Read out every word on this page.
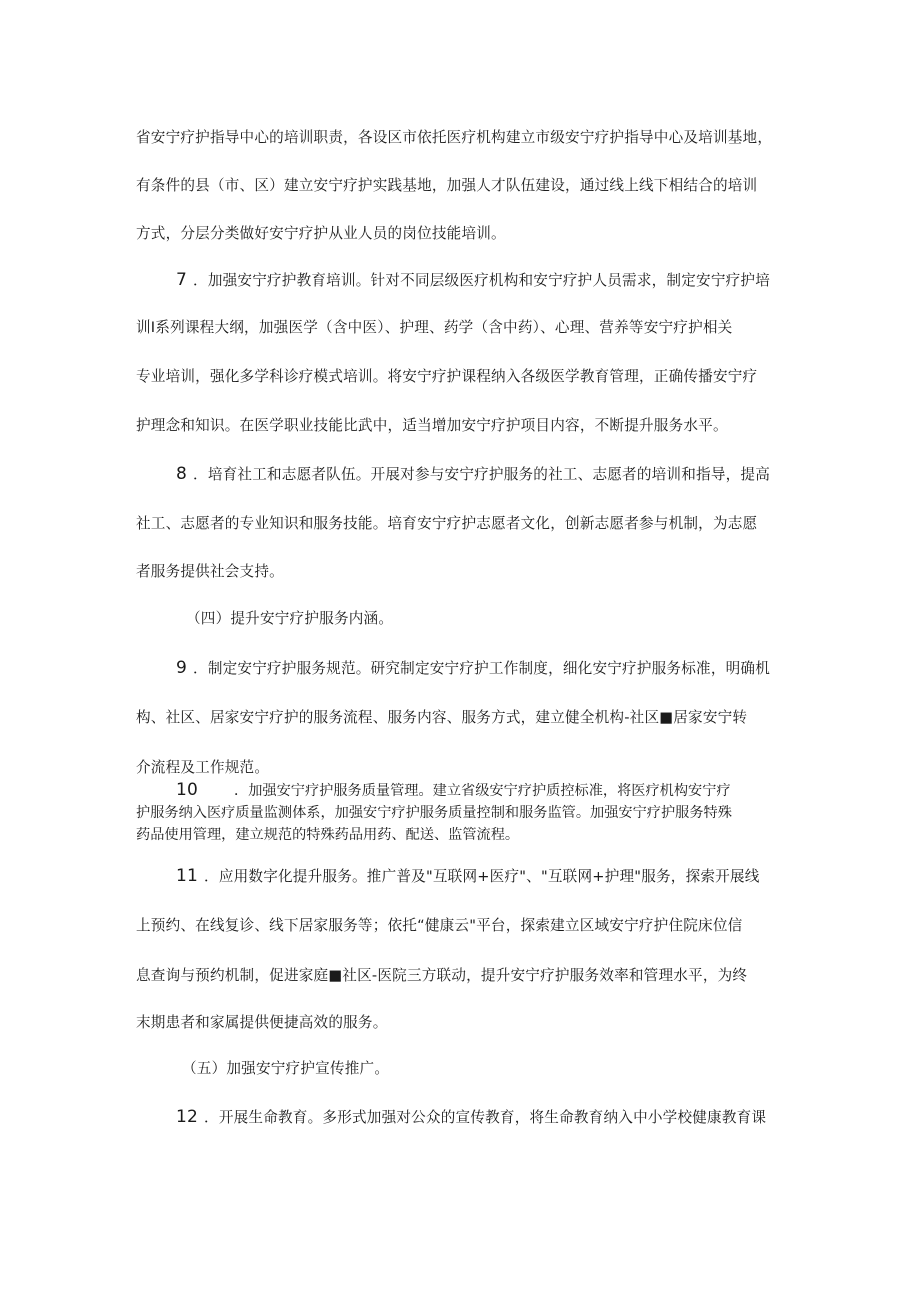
省安宁疗护指导中心的培训职责，各设区市依托医疗机构建立市级安宁疗护指导中心及培训基地，
有条件的县（市、区）建立安宁疗护实践基地，加强人才队伍建设，通过线上线下相结合的培训
方式，分层分类做好安宁疗护从业人员的岗位技能培训。
7 ．加强安宁疗护教育培训。针对不同层级医疗机构和安宁疗护人员需求，制定安宁疗护培
训Ⅰ系列课程大纲，加强医学（含中医）、护理、药学（含中药）、心理、营养等安宁疗护相关
专业培训，强化多学科诊疗模式培训。将安宁疗护课程纳入各级医学教育管理，正确传播安宁疗
护理念和知识。在医学职业技能比武中，适当增加安宁疗护项目内容，不断提升服务水平。
8 ．培育社工和志愿者队伍。开展对参与安宁疗护服务的社工、志愿者的培训和指导，提高
社工、志愿者的专业知识和服务技能。培育安宁疗护志愿者文化，创新志愿者参与机制，为志愿
者服务提供社会支持。
（四）提升安宁疗护服务内涵。
9 ．制定安宁疗护服务规范。研究制定安宁疗护工作制度，细化安宁疗护服务标准，明确机
构、社区、居家安宁疗护的服务流程、服务内容、服务方式，建立健全机构-社区■居家安宁转
介流程及工作规范。
10	．加强安宁疗护服务质量管理。建立省级安宁疗护质控标准，将医疗机构安宁疗
护服务纳入医疗质量监测体系，加强安宁疗护服务质量控制和服务监管。加强安宁疗护服务特殊
药品使用管理，建立规范的特殊药品用药、配送、监管流程。
11 ．应用数字化提升服务。推广普及"互联网+医疗"、"互联网+护理"服务，探索开展线
上预约、在线复诊、线下居家服务等；依托“健康云"平台，探索建立区域安宁疗护住院床位信
息查询与预约机制，促进家庭■社区-医院三方联动，提升安宁疗护服务效率和管理水平，为终
末期患者和家属提供便捷高效的服务。
（五）加强安宁疗护宣传推广。
12 ．开展生命教育。多形式加强对公众的宣传教育，将生命教育纳入中小学校健康教育课
